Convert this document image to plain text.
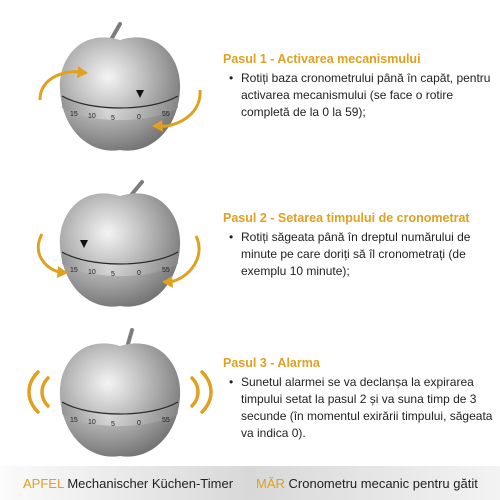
15 10 5	0	55

Pasul 1 - Activarea mecanismului

• Rotiți baza cronometrului până în capăt, pentru activarea mecanismului (se face o rotire completă de la 0 la 59);
15 10 5	0	55

Pasul 2 - Setarea timpului de cronometrat

• Rotiți săgeata până în dreptul numărului de minute pe care doriți să îl cronometrați (de exemplu 10 minute);
15 10 5	0	55

Pasul 3 - Alarma

• Sunetul alarmei se va declanșa la expirarea timpului setat la pasul 2 și va suna timp de 3 secunde (în momentul exirării timpului, săgeata va indica 0).
APFEL Mechanischer Küchen-Timer MĂR Cronometru mecanic pentru gătit
